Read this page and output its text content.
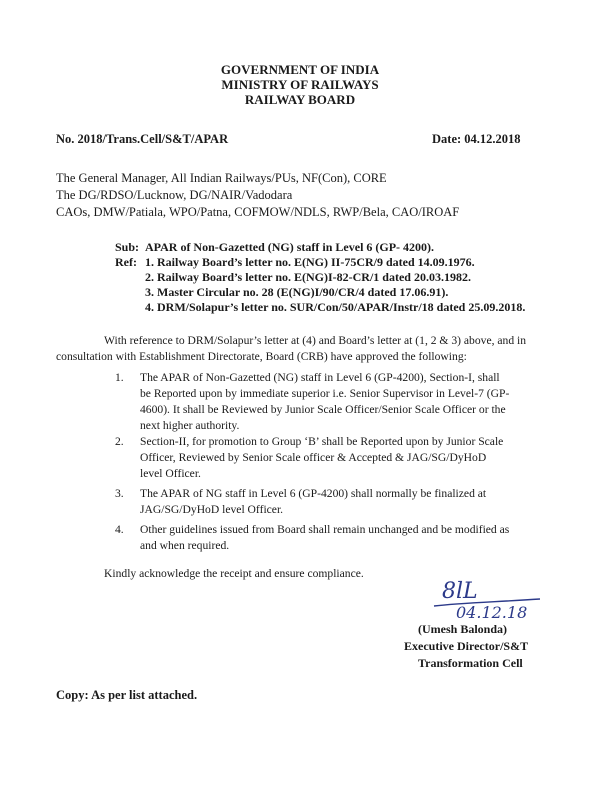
GOVERNMENT OF INDIA
MINISTRY OF RAILWAYS
RAILWAY BOARD
No. 2018/Trans.Cell/S&T/APAR	Date: 04.12.2018
The General Manager, All Indian Railways/PUs, NF(Con), CORE
The DG/RDSO/Lucknow, DG/NAIR/Vadodara
CAOs, DMW/Patiala, WPO/Patna, COFMOW/NDLS, RWP/Bela, CAO/IROAF
Sub: APAR of Non-Gazetted (NG) staff in Level 6 (GP- 4200).
Ref: 1. Railway Board’s letter no. E(NG) II-75CR/9 dated 14.09.1976.
2. Railway Board’s letter no. E(NG)I-82-CR/1 dated 20.03.1982.
3. Master Circular no. 28 (E(NG)I/90/CR/4 dated 17.06.91).
4. DRM/Solapur’s letter no. SUR/Con/50/APAR/Instr/18 dated 25.09.2018.
With reference to DRM/Solapur’s letter at (4) and Board’s letter at (1, 2 & 3) above, and in
consultation with Establishment Directorate, Board (CRB) have approved the following:
1. The APAR of Non-Gazetted (NG) staff in Level 6 (GP-4200), Section-I, shall
be Reported upon by immediate superior i.e. Senior Supervisor in Level-7 (GP-
4600). It shall be Reviewed by Junior Scale Officer/Senior Scale Officer or the
next higher authority.
2. Section-II, for promotion to Group ‘B’ shall be Reported upon by Junior Scale
Officer, Reviewed by Senior Scale officer & Accepted & JAG/SG/DyHoD
level Officer.
3. The APAR of NG staff in Level 6 (GP-4200) shall normally be finalized at
JAG/SG/DyHoD level Officer.
4. Other guidelines issued from Board shall remain unchanged and be modified as
and when required.
Kindly acknowledge the receipt and ensure compliance.
8lL
04.12.18
(Umesh Balonda)
Executive Director/S&T
Transformation Cell
Copy: As per list attached.
